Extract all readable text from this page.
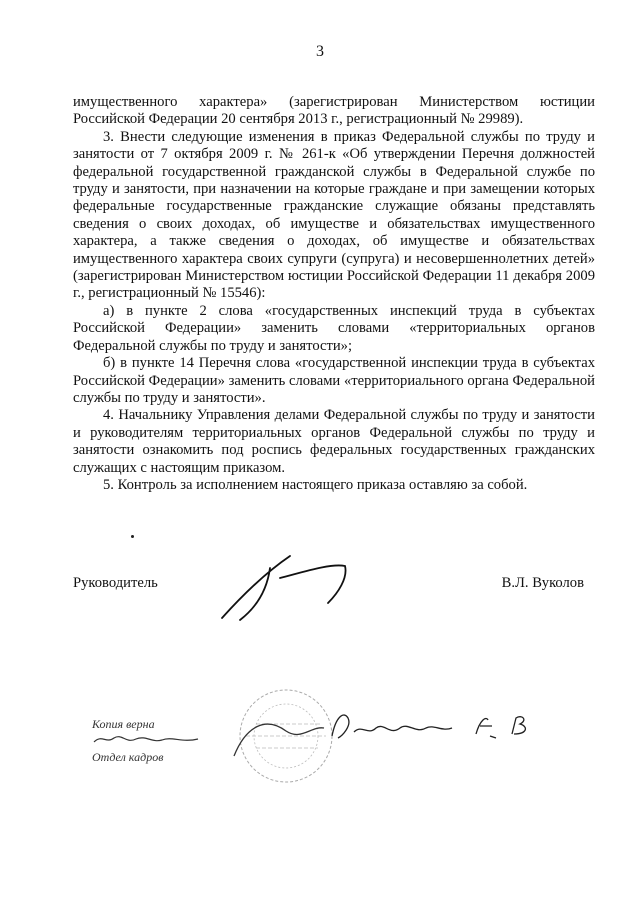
3

имущественного характера» (зарегистрирован Министерством юстиции Российской Федерации 20 сентября 2013 г., регистрационный № 29989).

3. Внести следующие изменения в приказ Федеральной службы по труду и занятости от 7 октября 2009 г. № 261-к «Об утверждении Перечня должностей федеральной государственной гражданской службы в Федеральной службе по труду и занятости, при назначении на которые граждане и при замещении которых федеральные государственные гражданские служащие обязаны представлять сведения о своих доходах, об имуществе и обязательствах имущественного характера, а также сведения о доходах, об имуществе и обязательствах имущественного характера своих супруги (супруга) и несовершеннолетних детей» (зарегистрирован Министерством юстиции Российской Федерации 11 декабря 2009 г., регистрационный № 15546):

а) в пункте 2 слова «государственных инспекций труда в субъектах Российской Федерации» заменить словами «территориальных органов Федеральной службы по труду и занятости»;

б) в пункте 14 Перечня слова «государственной инспекции труда в субъектах Российской Федерации» заменить словами «территориального органа Федеральной службы по труду и занятости».

4. Начальнику Управления делами Федеральной службы по труду и занятости и руководителям территориальных органов Федеральной службы по труду и занятости ознакомить под роспись федеральных государственных гражданских служащих с настоящим приказом.

5. Контроль за исполнением настоящего приказа оставляю за собой.

Руководитель	В.Л. Вуколов
Копия верна
Отдел кадров
